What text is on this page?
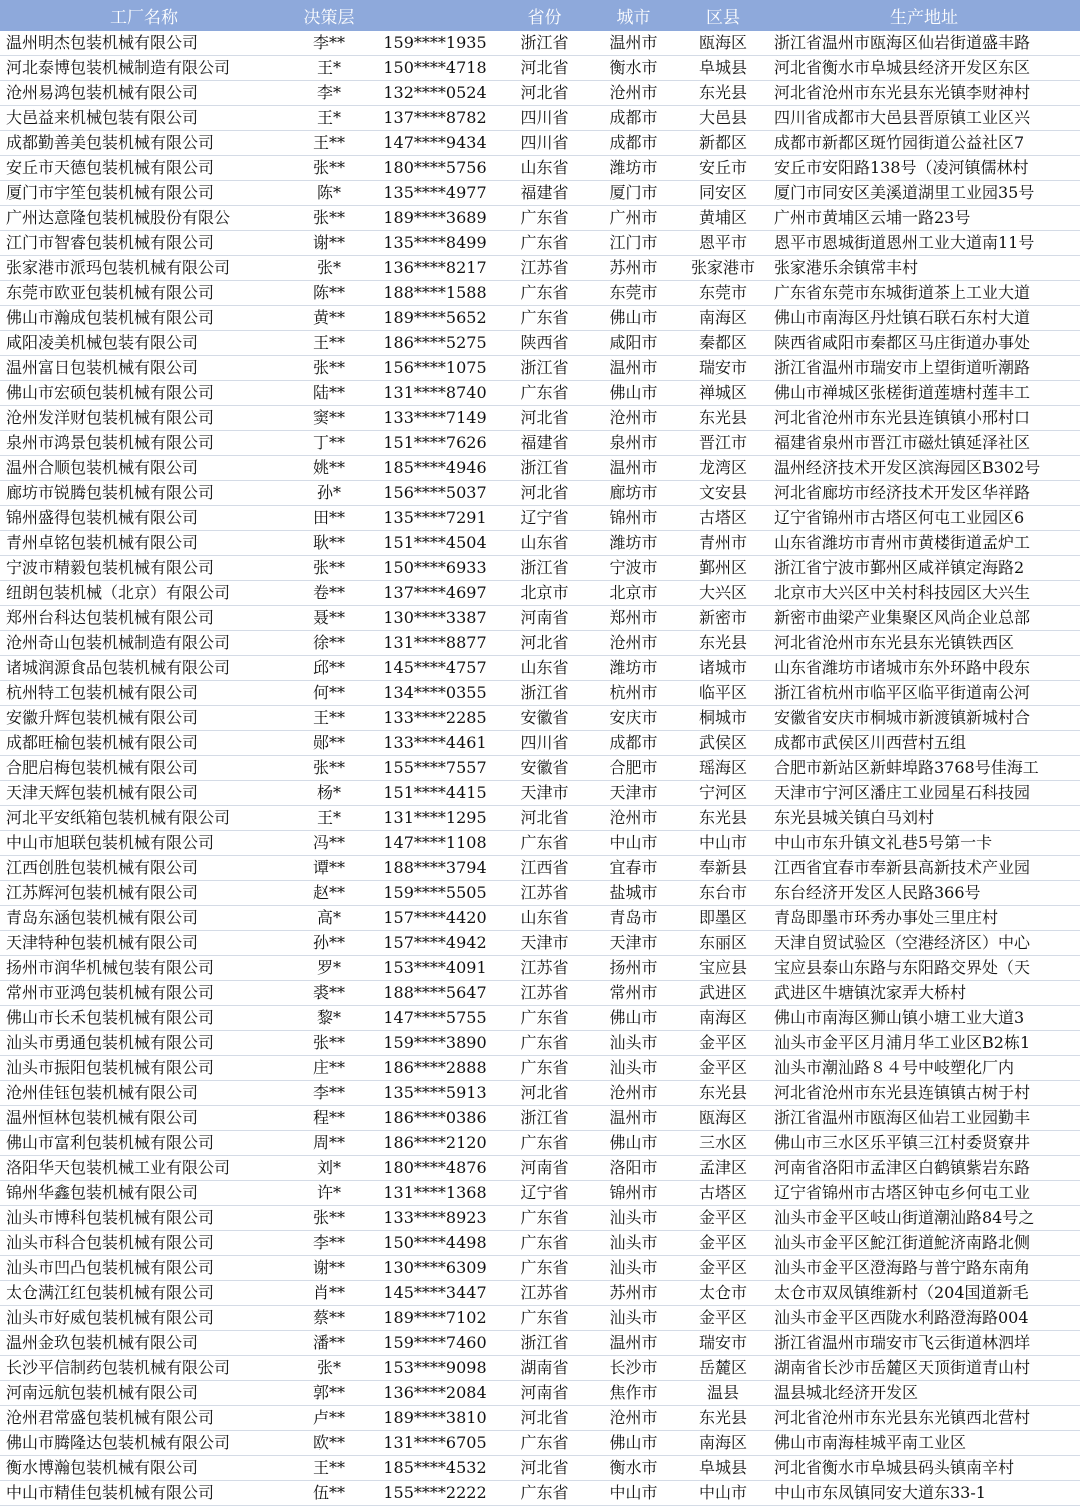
工厂名称	决策层		省份	城市	区县	生产地址
温州明杰包装机械有限公司	李**	159****1935	浙江省	温州市	瓯海区	浙江省温州市瓯海区仙岩街道盛丰路
河北泰博包装机械制造有限公司	王*	150****4718	河北省	衡水市	阜城县	河北省衡水市阜城县经济开发区东区
沧州易鸿包装机械有限公司	李*	132****0524	河北省	沧州市	东光县	河北省沧州市东光县东光镇李财神村
大邑益来机械包装有限公司	王*	137****8782	四川省	成都市	大邑县	四川省成都市大邑县晋原镇工业区兴
成都勤善美包装机械有限公司	王**	147****9434	四川省	成都市	新都区	成都市新都区斑竹园街道公益社区7
安丘市天德包装机械有限公司	张**	180****5756	山东省	潍坊市	安丘市	安丘市安阳路138号（凌河镇儒林村
厦门市宇笙包装机械有限公司	陈*	135****4977	福建省	厦门市	同安区	厦门市同安区美溪道湖里工业园35号
广州达意隆包装机械股份有限公	张**	189****3689	广东省	广州市	黄埔区	广州市黄埔区云埔一路23号
江门市智睿包装机械有限公司	谢**	135****8499	广东省	江门市	恩平市	恩平市恩城街道恩州工业大道南11号
张家港市派玛包装机械有限公司	张*	136****8217	江苏省	苏州市	张家港市	张家港乐余镇常丰村
东莞市欧亚包装机械有限公司	陈**	188****1588	广东省	东莞市	东莞市	广东省东莞市东城街道茶上工业大道
佛山市瀚成包装机械有限公司	黄**	189****5652	广东省	佛山市	南海区	佛山市南海区丹灶镇石联石东村大道
咸阳凌美机械包装有限公司	王**	186****5275	陕西省	咸阳市	秦都区	陕西省咸阳市秦都区马庄街道办事处
温州富日包装机械有限公司	张**	156****1075	浙江省	温州市	瑞安市	浙江省温州市瑞安市上望街道听潮路
佛山市宏硕包装机械有限公司	陆**	131****8740	广东省	佛山市	禅城区	佛山市禅城区张槎街道莲塘村莲丰工
沧州发洋财包装机械有限公司	窦**	133****7149	河北省	沧州市	东光县	河北省沧州市东光县连镇镇小邢村口
泉州市鸿景包装机械有限公司	丁**	151****7626	福建省	泉州市	晋江市	福建省泉州市晋江市磁灶镇延泽社区
温州合顺包装机械有限公司	姚**	185****4946	浙江省	温州市	龙湾区	温州经济技术开发区滨海园区B302号
廊坊市锐腾包装机械有限公司	孙*	156****5037	河北省	廊坊市	文安县	河北省廊坊市经济技术开发区华祥路
锦州盛得包装机械有限公司	田**	135****7291	辽宁省	锦州市	古塔区	辽宁省锦州市古塔区何屯工业园区6
青州卓铭包装机械有限公司	耿**	151****4504	山东省	潍坊市	青州市	山东省潍坊市青州市黄楼街道孟炉工
宁波市精毅包装机械有限公司	张**	150****6933	浙江省	宁波市	鄞州区	浙江省宁波市鄞州区咸祥镇定海路2
纽朗包装机械（北京）有限公司	卷**	137****4697	北京市	北京市	大兴区	北京市大兴区中关村科技园区大兴生
郑州台科达包装机械有限公司	聂**	130****3387	河南省	郑州市	新密市	新密市曲梁产业集聚区风尚企业总部
沧州奇山包装机械制造有限公司	徐**	131****8877	河北省	沧州市	东光县	河北省沧州市东光县东光镇铁西区
诸城润源食品包装机械有限公司	邱**	145****4757	山东省	潍坊市	诸城市	山东省潍坊市诸城市东外环路中段东
杭州特工包装机械有限公司	何**	134****0355	浙江省	杭州市	临平区	浙江省杭州市临平区临平街道南公河
安徽升辉包装机械有限公司	王**	133****2285	安徽省	安庆市	桐城市	安徽省安庆市桐城市新渡镇新城村合
成都旺榆包装机械有限公司	郧**	133****4461	四川省	成都市	武侯区	成都市武侯区川西营村五组
合肥启梅包装机械有限公司	张**	155****7557	安徽省	合肥市	瑶海区	合肥市新站区新蚌埠路3768号佳海工
天津天辉包装机械有限公司	杨*	151****4415	天津市	天津市	宁河区	天津市宁河区潘庄工业园星石科技园
河北平安纸箱包装机械有限公司	王*	131****1295	河北省	沧州市	东光县	东光县城关镇白马刘村
中山市旭联包装机械有限公司	冯**	147****1108	广东省	中山市	中山市	中山市东升镇文礼巷5号第一卡
江西创胜包装机械有限公司	谭**	188****3794	江西省	宜春市	奉新县	江西省宜春市奉新县高新技术产业园
江苏辉河包装机械有限公司	赵**	159****5505	江苏省	盐城市	东台市	东台经济开发区人民路366号
青岛东涵包装机械有限公司	高*	157****4420	山东省	青岛市	即墨区	青岛即墨市环秀办事处三里庄村
天津特种包装机械有限公司	孙**	157****4942	天津市	天津市	东丽区	天津自贸试验区（空港经济区）中心
扬州市润华机械包装有限公司	罗*	153****4091	江苏省	扬州市	宝应县	宝应县泰山东路与东阳路交界处（天
常州市亚鸿包装机械有限公司	裘**	188****5647	江苏省	常州市	武进区	武进区牛塘镇沈家弄大桥村
佛山市长禾包装机械有限公司	黎*	147****5755	广东省	佛山市	南海区	佛山市南海区狮山镇小塘工业大道3
汕头市勇通包装机械有限公司	张**	159****3890	广东省	汕头市	金平区	汕头市金平区月浦月华工业区B2栋1
汕头市振阳包装机械有限公司	庄**	186****2888	广东省	汕头市	金平区	汕头市潮汕路８４号中岐塑化厂内
沧州佳钰包装机械有限公司	李**	135****5913	河北省	沧州市	东光县	河北省沧州市东光县连镇镇古树于村
温州恒林包装机械有限公司	程**	186****0386	浙江省	温州市	瓯海区	浙江省温州市瓯海区仙岩工业园勤丰
佛山市富利包装机械有限公司	周**	186****2120	广东省	佛山市	三水区	佛山市三水区乐平镇三江村委贤寮井
洛阳华天包装机械工业有限公司	刘*	180****4876	河南省	洛阳市	孟津区	河南省洛阳市孟津区白鹤镇紫岩东路
锦州华鑫包装机械有限公司	许*	131****1368	辽宁省	锦州市	古塔区	辽宁省锦州市古塔区钟屯乡何屯工业
汕头市博科包装机械有限公司	张**	133****8923	广东省	汕头市	金平区	汕头市金平区岐山街道潮汕路84号之
汕头市科合包装机械有限公司	李**	150****4498	广东省	汕头市	金平区	汕头市金平区鮀江街道鮀济南路北侧
汕头市凹凸包装机械有限公司	谢**	130****6309	广东省	汕头市	金平区	汕头市金平区澄海路与普宁路东南角
太仓满江红包装机械有限公司	肖**	145****3447	江苏省	苏州市	太仓市	太仓市双凤镇维新村（204国道新毛
汕头市好威包装机械有限公司	蔡**	189****7102	广东省	汕头市	金平区	汕头市金平区西陇水利路澄海路004
温州金玖包装机械有限公司	潘**	159****7460	浙江省	温州市	瑞安市	浙江省温州市瑞安市飞云街道林泗垟
长沙平信制药包装机械有限公司	张*	153****9098	湖南省	长沙市	岳麓区	湖南省长沙市岳麓区天顶街道青山村
河南远航包装机械有限公司	郭**	136****2084	河南省	焦作市	温县	温县城北经济开发区
沧州君常盛包装机械有限公司	卢**	189****3810	河北省	沧州市	东光县	河北省沧州市东光县东光镇西北营村
佛山市腾隆达包装机械有限公司	欧**	131****6705	广东省	佛山市	南海区	佛山市南海桂城平南工业区
衡水博瀚包装机械有限公司	王**	185****4532	河北省	衡水市	阜城县	河北省衡水市阜城县码头镇南辛村
中山市精佳包装机械有限公司	伍**	155****2222	广东省	中山市	中山市	中山市东凤镇同安大道东33-1
